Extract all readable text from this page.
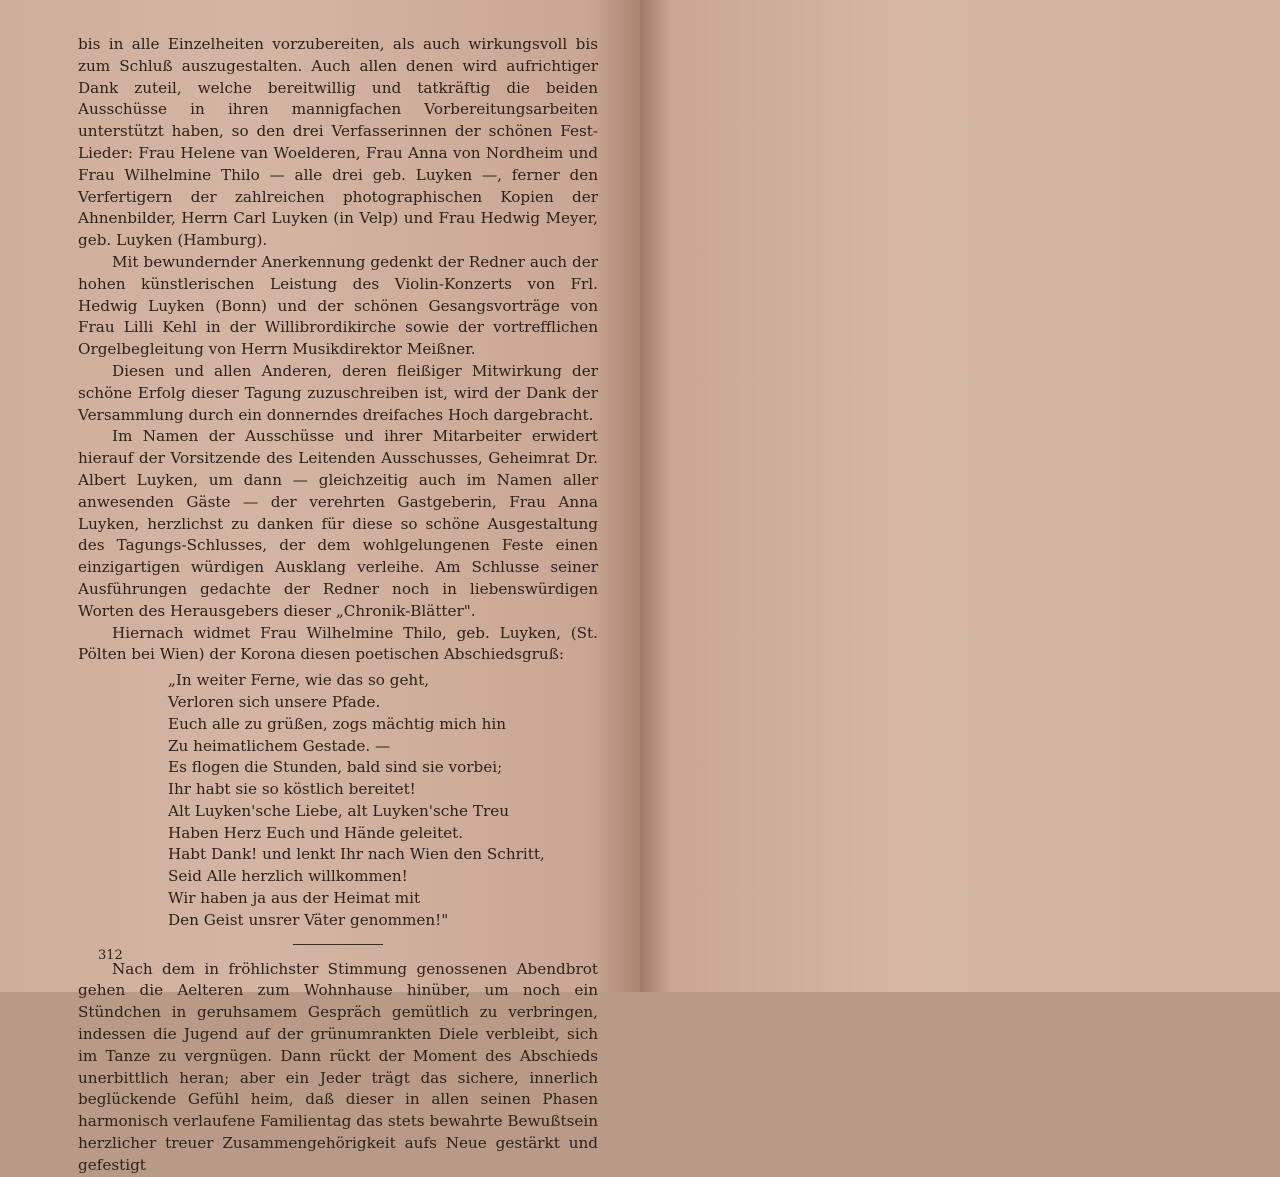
bis in alle Einzelheiten vorzubereiten, als auch wirkungsvoll bis zum Schluß auszugestalten. Auch allen denen wird aufrichtiger Dank zuteil, welche bereitwillig und tatkräftig die beiden Ausschüsse in ihren mannigfachen Vorbereitungsarbeiten unterstützt haben, so den drei Verfasserinnen der schönen Fest-Lieder: Frau Helene van Woelderen, Frau Anna von Nordheim und Frau Wilhelmine Thilo — alle drei geb. Luyken —, ferner den Verfertigern der zahlreichen photographischen Kopien der Ahnenbilder, Herrn Carl Luyken (in Velp) und Frau Hedwig Meyer, geb. Luyken (Hamburg).

Mit bewundernder Anerkennung gedenkt der Redner auch der hohen künstlerischen Leistung des Violin-Konzerts von Frl. Hedwig Luyken (Bonn) und der schönen Gesangsvorträge von Frau Lilli Kehl in der Willibrordikirche sowie der vortrefflichen Orgelbegleitung von Herrn Musikdirektor Meißner.

Diesen und allen Anderen, deren fleißiger Mitwirkung der schöne Erfolg dieser Tagung zuzuschreiben ist, wird der Dank der Versammlung durch ein donnerndes dreifaches Hoch dargebracht.

Im Namen der Ausschüsse und ihrer Mitarbeiter erwidert hierauf der Vorsitzende des Leitenden Ausschusses, Geheimrat Dr. Albert Luyken, um dann — gleichzeitig auch im Namen aller anwesenden Gäste — der verehrten Gastgeberin, Frau Anna Luyken, herzlichst zu danken für diese so schöne Ausgestaltung des Tagungs-Schlusses, der dem wohlgelungenen Feste einen einzigartigen würdigen Ausklang verleihe. Am Schlusse seiner Ausführungen gedachte der Redner noch in liebenswürdigen Worten des Herausgebers dieser „Chronik-Blätter".

Hiernach widmet Frau Wilhelmine Thilo, geb. Luyken, (St. Pölten bei Wien) der Korona diesen poetischen Abschiedsgruß:

„In weiter Ferne, wie das so geht,
Verloren sich unsere Pfade.
Euch alle zu grüßen, zogs mächtig mich hin
Zu heimatlichem Gestade. —
Es flogen die Stunden, bald sind sie vorbei;
Ihr habt sie so köstlich bereitet!
Alt Luyken'sche Liebe, alt Luyken'sche Treu
Haben Herz Euch und Hände geleitet.
Habt Dank! und lenkt Ihr nach Wien den Schritt,
Seid Alle herzlich willkommen!
Wir haben ja aus der Heimat mit
Den Geist unsrer Väter genommen!"

Nach dem in fröhlichster Stimmung genossenen Abendbrot gehen die Aelteren zum Wohnhause hinüber, um noch ein Stündchen in geruhsamem Gespräch gemütlich zu verbringen, indessen die Jugend auf der grünumrankten Diele verbleibt, sich im Tanze zu vergnügen. Dann rückt der Moment des Abschieds unerbittlich heran; aber ein Jeder trägt das sichere, innerlich beglückende Gefühl heim, daß dieser in allen seinen Phasen harmonisch verlaufene Familientag das stets bewahrte Bewußtsein herzlicher treuer Zusammengehörigkeit aufs Neue gestärkt und gefestigt

312
